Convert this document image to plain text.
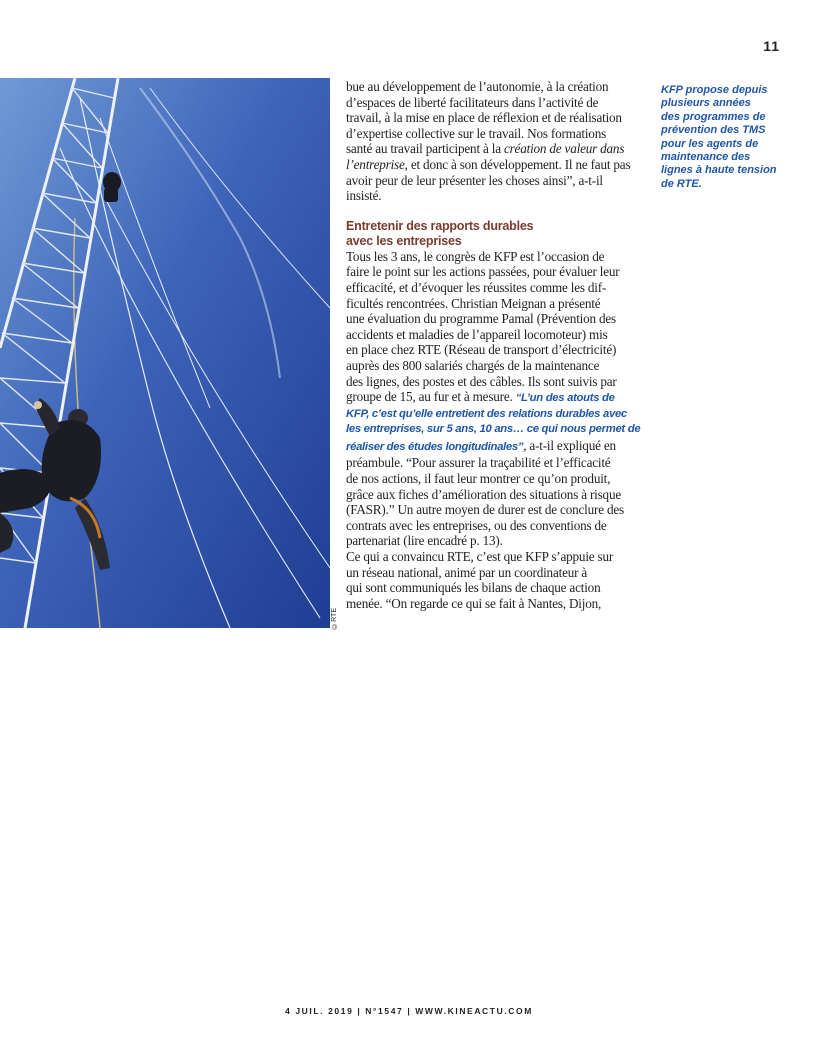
11
©RTE

bue au développement de l’autonomie, à la création
d’espaces de liberté facilitateurs dans l’activité de
travail, à la mise en place de réflexion et de réalisation
d’expertise collective sur le travail. Nos formations
santé au travail participent à la création de valeur dans
l’entreprise, et donc à son développement. Il ne faut pas
avoir peur de leur présenter les choses ainsi”, a-t-il
insisté.

Entretenir des rapports durables
avec les entreprises

Tous les 3 ans, le congrès de KFP est l’occasion de
faire le point sur les actions passées, pour évaluer leur
efficacité, et d’évoquer les réussites comme les dif-
ficultés rencontrées. Christian Meignan a présenté
une évaluation du programme Pamal (Prévention des
accidents et maladies de l’appareil locomoteur) mis
en place chez RTE (Réseau de transport d’électricité)
auprès des 800 salariés chargés de la maintenance
des lignes, des postes et des câbles. Ils sont suivis par
groupe de 15, au fur et à mesure. “L’un des atouts de
KFP, c’est qu’elle entretient des relations durables avec
les entreprises, sur 5 ans, 10 ans… ce qui nous permet de
réaliser des études longitudinales”, a-t-il expliqué en
préambule. “Pour assurer la traçabilité et l’efficacité
de nos actions, il faut leur montrer ce qu’on produit,
grâce aux fiches d’amélioration des situations à risque
(FASR).” Un autre moyen de durer est de conclure des
contrats avec les entreprises, ou des conventions de
partenariat (lire encadré p. 13).
Ce qui a convaincu RTE, c’est que KFP s’appuie sur
un réseau national, animé par un coordinateur à
qui sont communiqués les bilans de chaque action
menée. “On regarde ce qui se fait à Nantes, Dijon,

KFP propose depuis
plusieurs années
des programmes de
prévention des TMS
pour les agents de
maintenance des
lignes à haute tension
de RTE.
4 JUIL. 2019 | N°1547 | WWW.KINEACTU.COM
